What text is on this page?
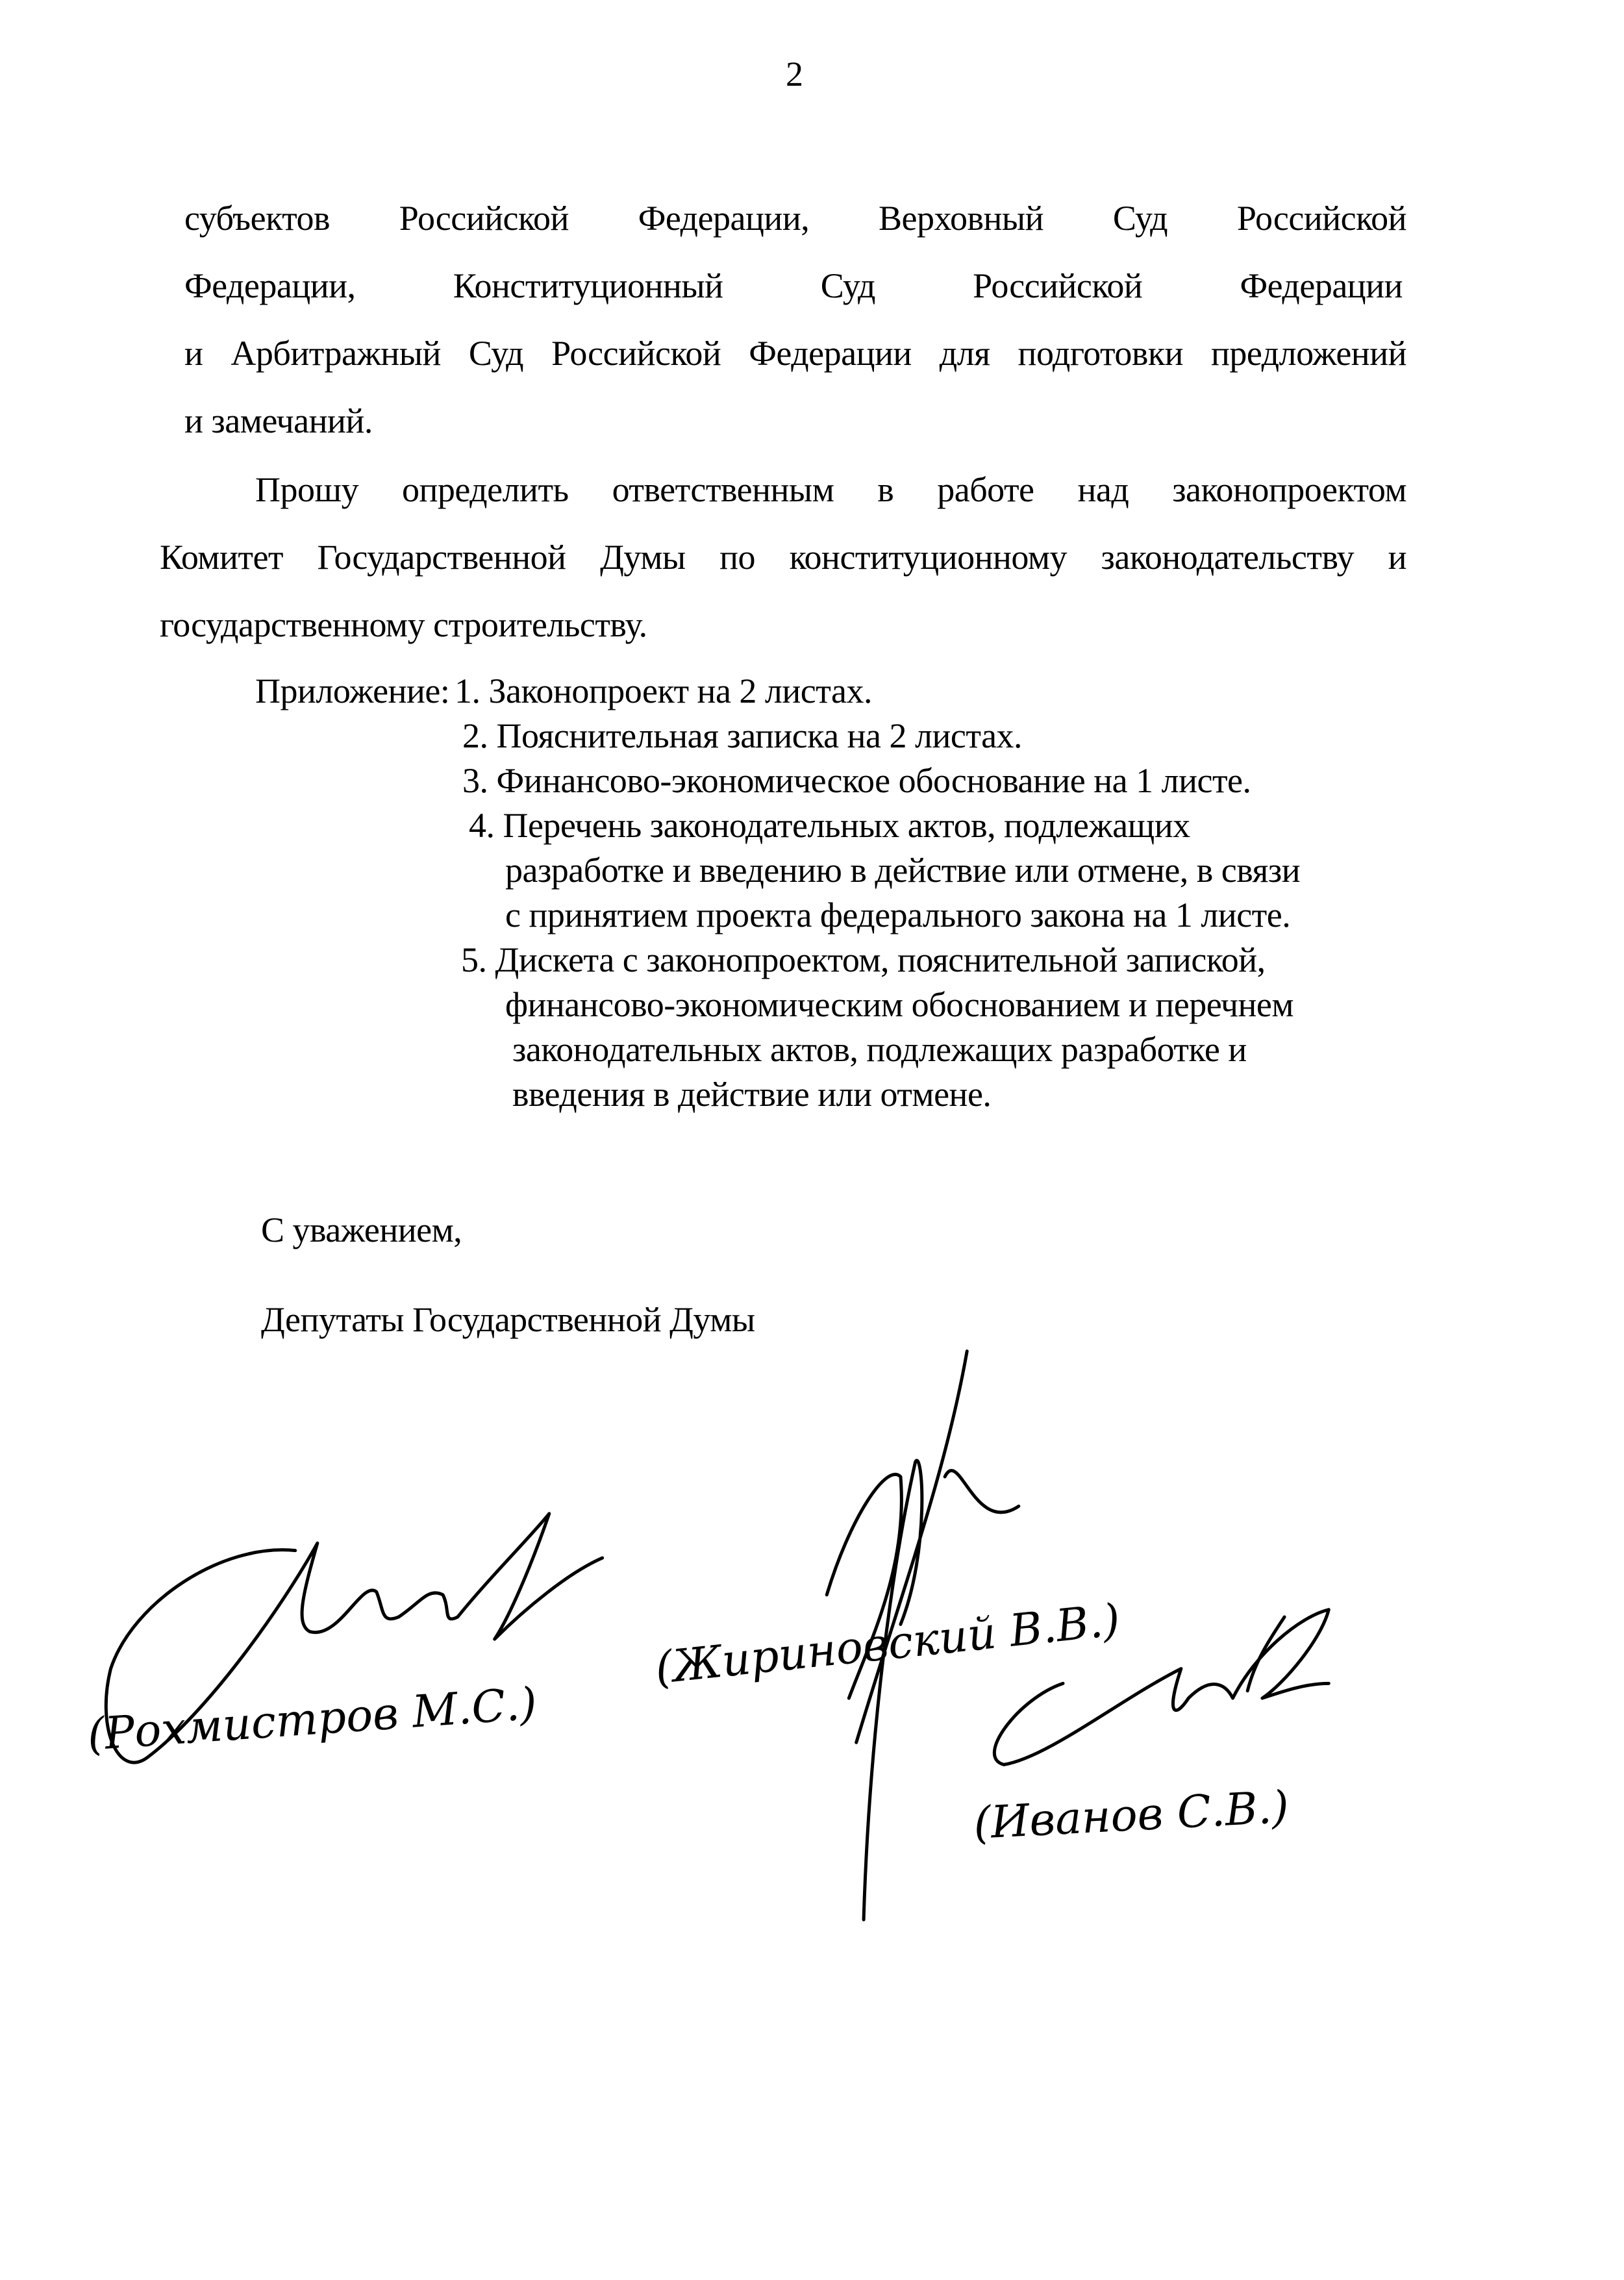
2
субъектов Российской Федерации, Верховный Суд Российской
Федерации, Конституционный Суд Российской Федерации
и Арбитражный Суд Российской Федерации для подготовки предложений
и замечаний.
Прошу определить ответственным в работе над законопроектом
Комитет Государственной Думы по конституционному законодательству и
государственному строительству.
Приложение: 1. Законопроект на 2 листах.
2. Пояснительная записка на 2 листах.
3. Финансово-экономическое обоснование на 1 листе.
4. Перечень законодательных актов, подлежащих
разработке и введению в действие или отмене, в связи
с принятием проекта федерального закона на 1 листе.
5. Дискета с законопроектом, пояснительной запиской,
финансово-экономическим обоснованием и перечнем
законодательных актов, подлежащих разработке и
введения в действие или отмене.
С уважением,
Депутаты Государственной Думы
(Рохмистров М.С.)
(Жириновский В.В.)
(Иванов С.В.)
